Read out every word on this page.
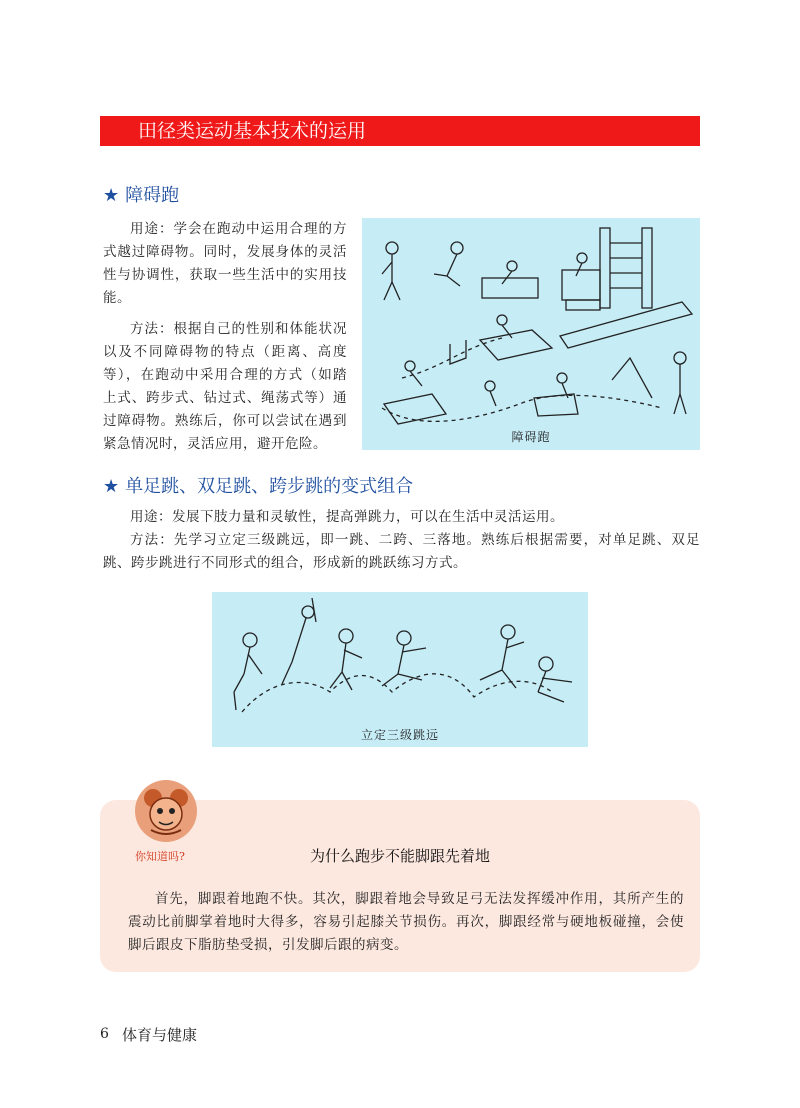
田径类运动基本技术的运用
★ 障碍跑

用途：学会在跑动中运用合理的方式越过障碍物。同时，发展身体的灵活性与协调性，获取一些生活中的实用技能。

方法：根据自己的性别和体能状况以及不同障碍物的特点（距离、高度等），在跑动中采用合理的方式（如踏上式、跨步式、钻过式、绳荡式等）通过障碍物。熟练后，你可以尝试在遇到紧急情况时，灵活应用，避开危险。	障碍跑
★ 单足跳、双足跳、跨步跳的变式组合

用途：发展下肢力量和灵敏性，提高弹跳力，可以在生活中灵活运用。

方法：先学习立定三级跳远，即一跳、二跨、三落地。熟练后根据需要，对单足跳、双足跳、跨步跳进行不同形式的组合，形成新的跳跃练习方式。

立定三级跳远

首先，脚跟着地跑不快。其次，脚跟着地会导致足弓无法发挥缓冲作用，其所产生的震动比前脚掌着地时大得多，容易引起膝关节损伤。再次，脚跟经常与硬地板碰撞，会使脚后跟皮下脂肪垫受损，引发脚后跟的病变。

为什么跑步不能脚跟先着地
你知道吗?
6 体育与健康
